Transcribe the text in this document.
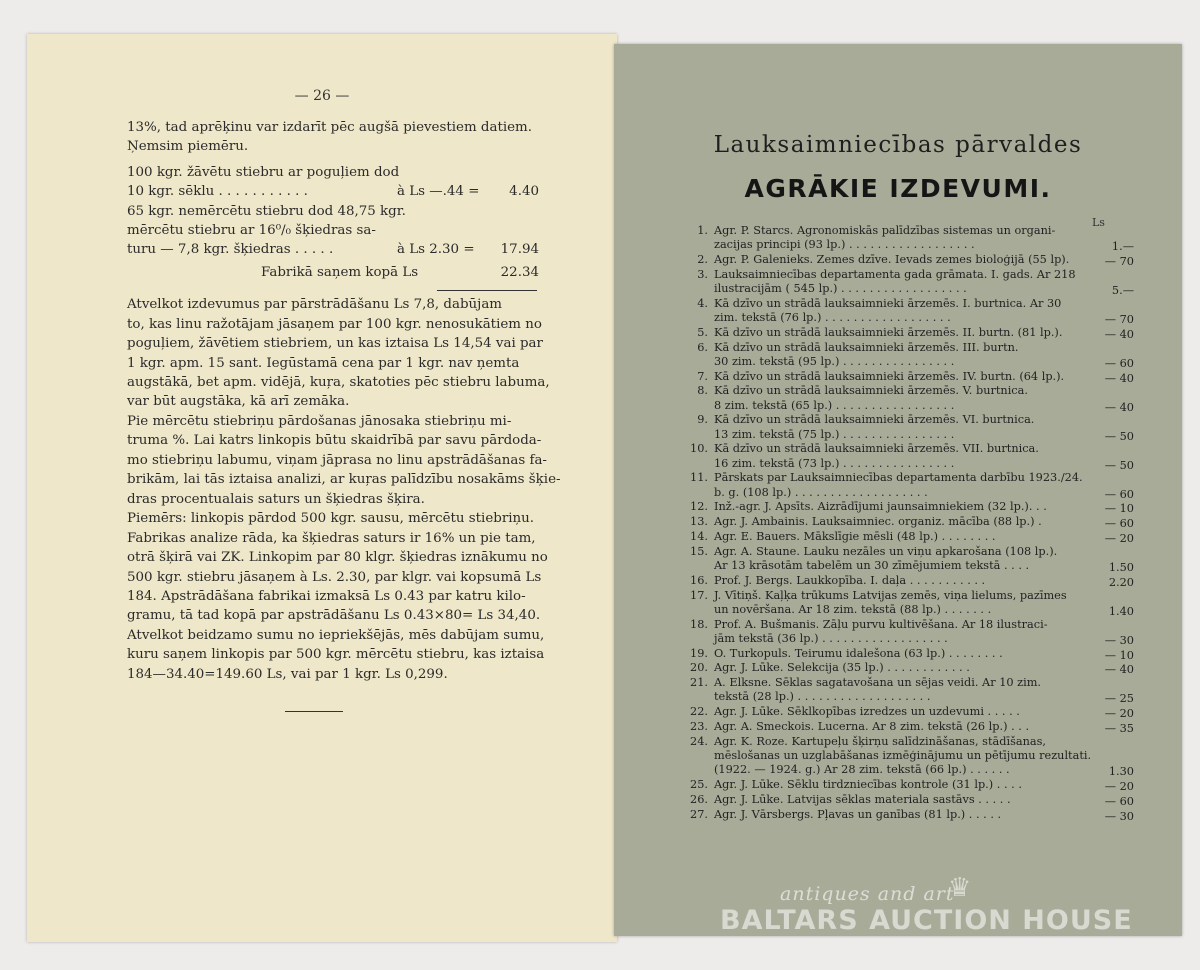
— 26 —
13%, tad aprēķinu var izdarīt pēc augšā pievestiem datiem.
Ņemsim piemēru.
100 kgr. žāvētu stiebru ar poguļiem dod
10 kgr. sēklu . . . . . . . . . . .	à Ls —.44 =	4.40
65 kgr. nemērcētu stiebru dod 48,75 kgr.
mērcētu stiebru ar 16⁰/₀ šķiedras sa-
turu — 7,8 kgr. šķiedras . . . . .	à Ls 2.30 =	17.94
Fabrikā saņem kopā Ls	22.34
Atvelkot izdevumus par pārstrādāšanu Ls 7,8, dabūjam
to, kas linu ražotājam jāsaņem par 100 kgr. nenosukātiem no
poguļiem, žāvētiem stiebriem, un kas iztaisa Ls 14,54 vai par
1 kgr. apm. 15 sant. Iegūstamā cena par 1 kgr. nav ņemta
augstākā, bet apm. vidējā, kuŗa, skatoties pēc stiebru labuma,
var būt augstāka, kā arī zemāka.
Pie mērcētu stiebriņu pārdošanas jānosaka stiebriņu mi-
truma %. Lai katrs linkopis būtu skaidrībā par savu pārdoda-
mo stiebriņu labumu, viņam jāprasa no linu apstrādāšanas fa-
brikām, lai tās iztaisa analizi, ar kuŗas palīdzību nosakāms šķie-
dras procentualais saturs un šķiedras šķira.
Piemērs: linkopis pārdod 500 kgr. sausu, mērcētu stiebriņu.
Fabrikas analize rāda, ka šķiedras saturs ir 16% un pie tam,
otrā šķirā vai ZK. Linkopim par 80 klgr. šķiedras iznākumu no
500 kgr. stiebru jāsaņem à Ls. 2.30, par klgr. vai kopsumā Ls
184. Apstrādāšana fabrikai izmaksā Ls 0.43 par katru kilo-
gramu, tā tad kopā par apstrādāšanu Ls 0.43×80= Ls 34,40.
Atvelkot beidzamo sumu no iepriekšējās, mēs dabūjam sumu,
kuru saņem linkopis par 500 kgr. mērcētu stiebru, kas iztaisa
184—34.40=149.60 Ls, vai par 1 kgr. Ls 0,299.
Lauksaimniecības pārvaldes
AGRĀKIE IZDEVUMI.
Ls
1. Agr. P. Starcs. Agronomiskās palīdzības sistemas un organi-
zacijas principi (93 lp.) . . . . . . . . . . . . . . . . . .	1.—
2. Agr. P. Galenieks. Zemes dzīve. Ievads zemes bioloģijā (55 lp).	— 70
3. Lauksaimniecības departamenta gada grāmata. I. gads. Ar 218
ilustracijām ( 545 lp.) . . . . . . . . . . . . . . . . . .	5.—
4. Kā dzīvo un strādā lauksaimnieki ārzemēs. I. burtnica. Ar 30
zim. tekstā (76 lp.) . . . . . . . . . . . . . . . . . .	— 70
5. Kā dzīvo un strādā lauksaimnieki ārzemēs. II. burtn. (81 lp.).	— 40
6. Kā dzīvo un strādā lauksaimnieki ārzemēs. III. burtn.
30 zim. tekstā (95 lp.) . . . . . . . . . . . . . . . .	— 60
7. Kā dzīvo un strādā lauksaimnieki ārzemēs. IV. burtn. (64 lp.).	— 40
8. Kā dzīvo un strādā lauksaimnieki ārzemēs. V. burtnica.
8 zim. tekstā (65 lp.) . . . . . . . . . . . . . . . . .	— 40
9. Kā dzīvo un strādā lauksaimnieki ārzemēs. VI. burtnica.
13 zim. tekstā (75 lp.) . . . . . . . . . . . . . . . .	— 50
10. Kā dzīvo un strādā lauksaimnieki ārzemēs. VII. burtnica.
16 zim. tekstā (73 lp.) . . . . . . . . . . . . . . . .	— 50
11. Pārskats par Lauksaimniecības departamenta darbību 1923./24.
b. g. (108 lp.) . . . . . . . . . . . . . . . . . . .	— 60
12. Inž.-agr. J. Apsīts. Aizrādījumi jaunsaimniekiem (32 lp.). . .	— 10
13. Agr. J. Ambainis. Lauksaimniec. organiz. mācība (88 lp.) .	— 60
14. Agr. E. Bauers. Mākslīgie mēsli (48 lp.) . . . . . . . .	— 20
15. Agr. A. Staune. Lauku nezāles un viņu apkarošana (108 lp.).
Ar 13 krāsotām tabelēm un 30 zīmējumiem tekstā . . . .	1.50
16. Prof. J. Bergs. Laukkopība. I. daļa . . . . . . . . . . .	2.20
17. J. Vītiņš. Kaļķa trūkums Latvijas zemēs, viņa lielums, pazīmes
un novēršana. Ar 18 zim. tekstā (88 lp.) . . . . . . .	1.40
18. Prof. A. Bušmanis. Zāļu purvu kultivēšana. Ar 18 ilustraci-
jām tekstā (36 lp.) . . . . . . . . . . . . . . . . . .	— 30
19. O. Turkopuls. Teirumu idalešona (63 lp.) . . . . . . . .	— 10
20. Agr. J. Lūke. Selekcija (35 lp.) . . . . . . . . . . . .	— 40
21. A. Elksne. Sēklas sagatavošana un sējas veidi. Ar 10 zim.
tekstā (28 lp.) . . . . . . . . . . . . . . . . . . .	— 25
22. Agr. J. Lūke. Sēklkopības izredzes un uzdevumi . . . . .	— 20
23. Agr. A. Smeckois. Lucerna. Ar 8 zim. tekstā (26 lp.) . . .	— 35
24. Agr. K. Roze. Kartupeļu šķirņu salīdzināšanas, stādīšanas,
mēslošanas un uzglabāšanas izmēģinājumu un pētījumu rezultati.
(1922. — 1924. g.) Ar 28 zim. tekstā (66 lp.) . . . . . .	1.30
25. Agr. J. Lūke. Sēklu tirdzniecības kontrole (31 lp.) . . . .	— 20
26. Agr. J. Lūke. Latvijas sēklas materiala sastāvs . . . . .	— 60
27. Agr. J. Vārsbergs. Pļavas un ganības (81 lp.) . . . . .	— 30
antiques and art
♛
BALTARS AUCTION HOUSE
